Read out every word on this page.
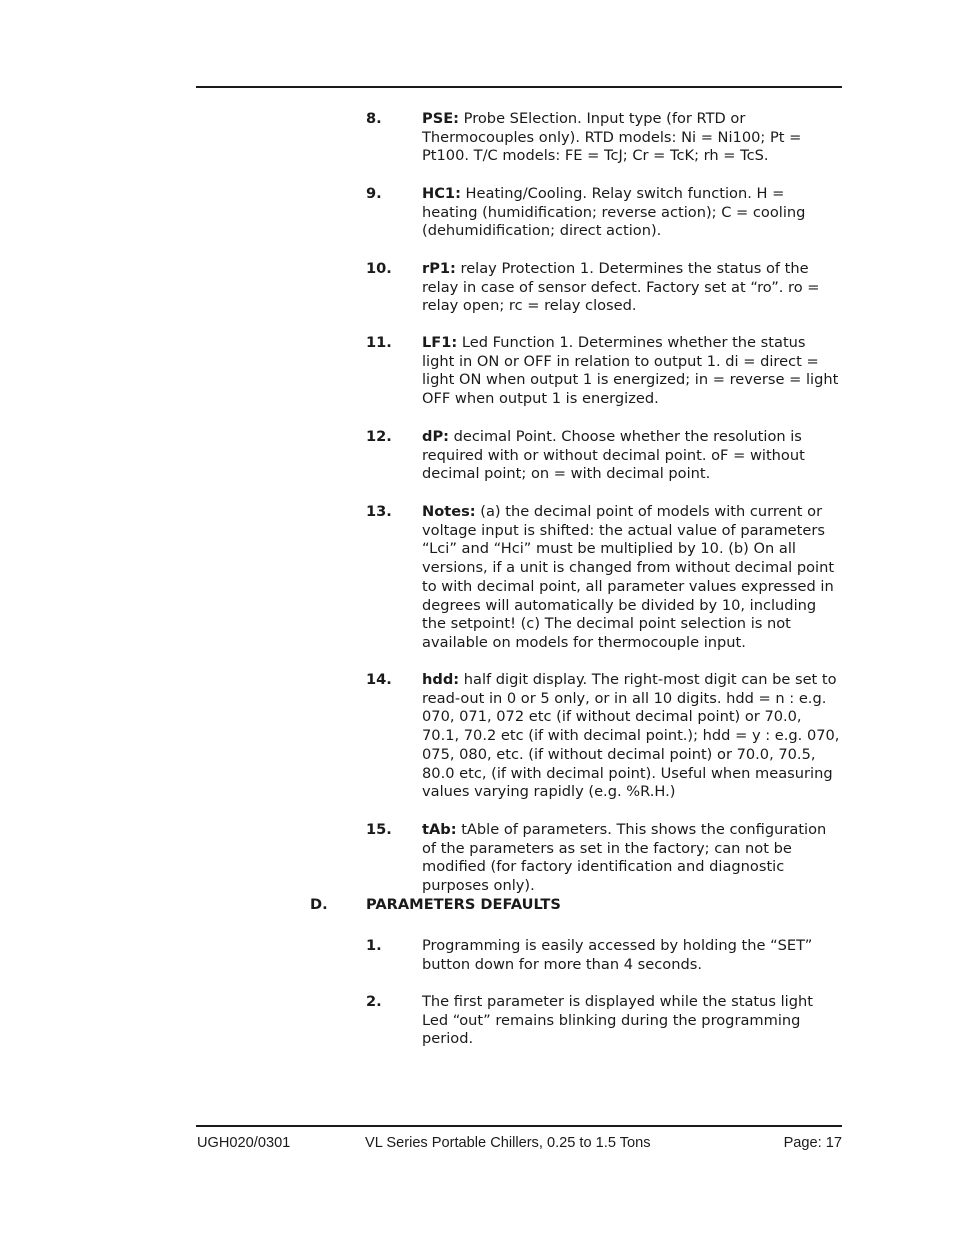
8.	PSE: Probe SElection. Input type (for RTD or Thermocouples only). RTD models: Ni = Ni100; Pt = Pt100. T/C models: FE = TcJ; Cr = TcK; rh = TcS.
9.	HC1: Heating/Cooling. Relay switch function. H = heating (humidification; reverse action); C = cooling (dehumidification; direct action).
10. rP1: relay Protection 1. Determines the status of the relay in case of sensor defect. Factory set at “ro”. ro = relay open; rc = relay closed.
11. LF1: Led Function 1. Determines whether the status light in ON or OFF in relation to output 1. di = direct = light ON when output 1 is energized; in = reverse = light OFF when output 1 is energized.
12. dP: decimal Point. Choose whether the resolution is required with or without decimal point. oF = without decimal point; on = with decimal point.
13. Notes: (a) the decimal point of models with current or voltage input is shifted: the actual value of parameters “Lci” and “Hci” must be multiplied by 10. (b) On all versions, if a unit is changed from without decimal point to with decimal point, all parameter values expressed in degrees will automatically be divided by 10, including the setpoint! (c) The decimal point selection is not available on models for thermocouple input.
14. hdd: half digit display. The right-most digit can be set to read-out in 0 or 5 only, or in all 10 digits. hdd = n : e.g. 070, 071, 072 etc (if without decimal point) or 70.0, 70.1, 70.2 etc (if with decimal point.); hdd = y : e.g. 070, 075, 080, etc. (if without decimal point) or 70.0, 70.5, 80.0 etc, (if with decimal point). Useful when measuring values varying rapidly (e.g. %R.H.)
15. tAb: tAble of parameters. This shows the configuration of the parameters as set in the factory; can not be modified (for factory identification and diagnostic purposes only).
D.	PARAMETERS DEFAULTS
1.	Programming is easily accessed by holding the “SET” button down for more than 4 seconds.
2.	The first parameter is displayed while the status light Led “out” remains blinking during the programming period.
UGH020/0301	VL Series Portable Chillers, 0.25 to 1.5 Tons	Page: 17
